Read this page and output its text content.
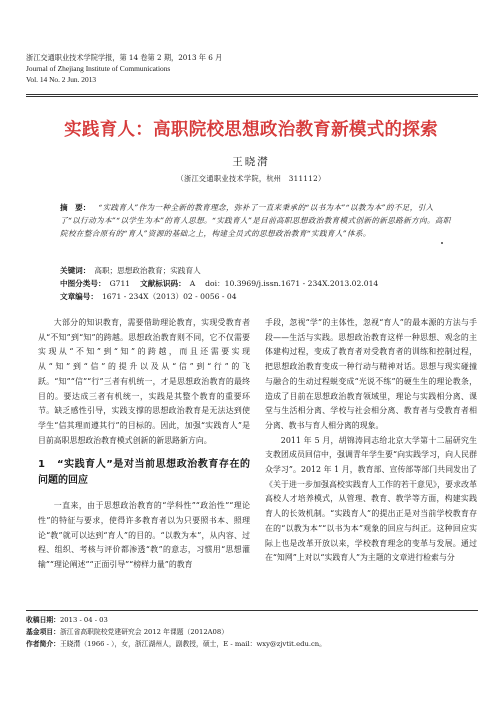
浙江交通职业技术学院学报，第 14 卷第 2 期，2013 年 6 月
Journal of Zhejiang Institute of Communications
Vol. 14 No. 2 Jun. 2013
实践育人：高职院校思想政治教育新模式的探索
王晓潸
（浙江交通职业技术学院，杭州　311112）

摘　要： “实践育人”作为一种全新的教育理念，弥补了一直来秉承的“以书为本”“以教为本”的不足，引入了“以行动为本”“以学生为本”的育人思想。“实践育人”是目前高职思想政治教育模式创新的新思路新方向。高职院校在整合原有的“育人”资源的基础之上，构建全员式的思想政治教育“实践育人”体系。

关键词： 高职；思想政治教育；实践育人
中图分类号： G711 文献标识码： A doi：10.3969/j.issn.1671 - 234X.2013.02.014
文章编号： 1671 - 234X（2013）02 - 0056 - 04

大部分的知识教育，需要借助理论教育，实现受教育者从“不知”到“知”的跨越。思想政治教育则不同，它不仅需要实现从“不知”到“知”的跨越，而且还需要实现从“知”到“信”的提升以及从“信”到“行”的飞跃。“知”“信”“行”三者有机统一，才是思想政治教育的最终目的。要达成三者有机统一，实践是其整个教育的重要环节。缺乏感性引导，实践支撑的思想政治教育是无法达到使学生“信其理而遵其行”的目标的。因此，加强“实践育人”是目前高职思想政治教育模式创新的新思路新方向。

1 “实践育人”是对当前思想政治教育存在的问题的回应

一直来，由于思想政治教育的“学科性”“政治性”“理论性”的特征与要求，使得许多教育者以为只要照书本、照理论“教”就可以达到“育人”的目的。“以教为本”，从内容、过程、组织、考核与评价都渗透“教”的意志，习惯用“思想灌输”“理论阐述”“正面引导”“榜样力量”的教育

手段，忽视“学”的主体性，忽视“育人”的最本源的方法与手段——生活与实践。思想政治教育这样一种思想、观念的主体建构过程，变成了教育者对受教育者的训练和控制过程，把思想政治教育变成一种行动与精神对话。思想与现实碰撞与融合的生动过程蜕变成“光说不练”的硬生生的理论教条，造成了目前在思想政治教育领域里，理论与实践相分离、课堂与生活相分离、学校与社会相分离、教育者与受教育者相分离、教书与育人相分离的现象。

2011 年 5 月，胡锦涛同志给北京大学第十二届研究生支教团成员回信中，强调青年学生要“向实践学习，向人民群众学习”。2012 年 1 月，教育部、宣传部等部门共同发出了《关于进一步加强高校实践育人工作的若干意见》，要求改革高校人才培养模式，从管理、教育、教学等方面，构建实践育人的长效机制。“实践育人”的提出正是对当前学校教育存在的“以教为本”“以书为本”观象的回应与纠正。这种回应实际上也是改革开放以来，学校教育理念的变革与发展。通过在“知网”上对以“实践育人”为主题的文章进行检索与分

收稿日期：2013 - 04 - 03
基金项目：浙江省高职院校党建研究会 2012 年课题（2012A08）
作者简介：王晓潸（1966 - ），女，浙江湖州人，副教授，硕士，E - mail：wxy@zjvtit.edu.cn。
